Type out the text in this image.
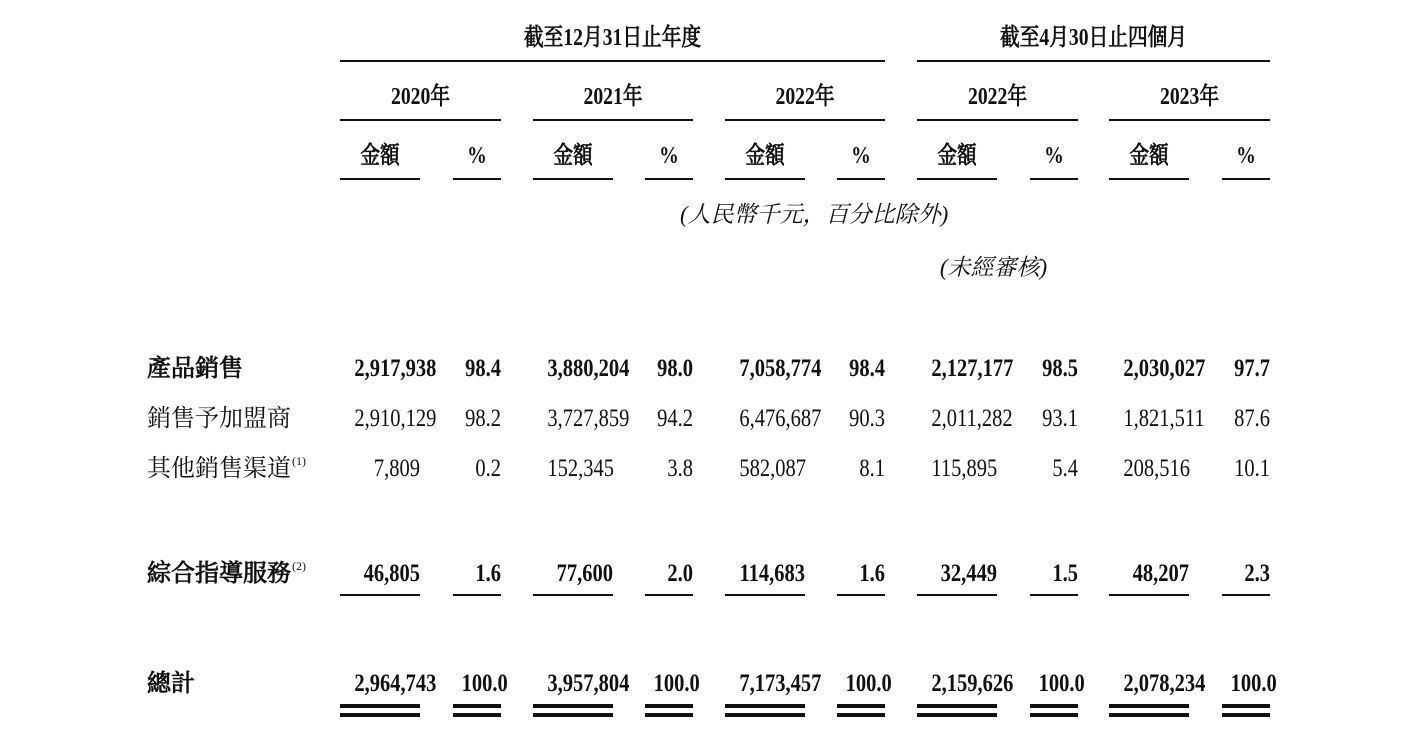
截至12月31日止年度	截至4月30日止四個月
2020年	2021年	2022年	2022年	2023年
金額	%	金額	%	金額	%	金額	%	金額	%
(人民幣千元，百分比除外)
(未經審核)
產品銷售	2,917,938 98.4 3,880,204 98.0 7,058,774 98.4 2,127,177 98.5 2,030,027 97.7
銷售予加盟商	2,910,129 98.2 3,727,859 94.2 6,476,687 90.3 2,011,282 93.1 1,821,511 87.6
其他銷售渠道$^{(1)}$	7,809	0.2 152,345	3.8 582,087	8.1 115,895	5.4 208,516 10.1
綜合指導服務$^{(2)}$	46,805	1.6	77,600	2.0 114,683	1.6	32,449	1.5	48,207	2.3
總計	2,964,743 100.0 3,957,804 100.0 7,173,457 100.0 2,159,626 100.0 2,078,234 100.0
